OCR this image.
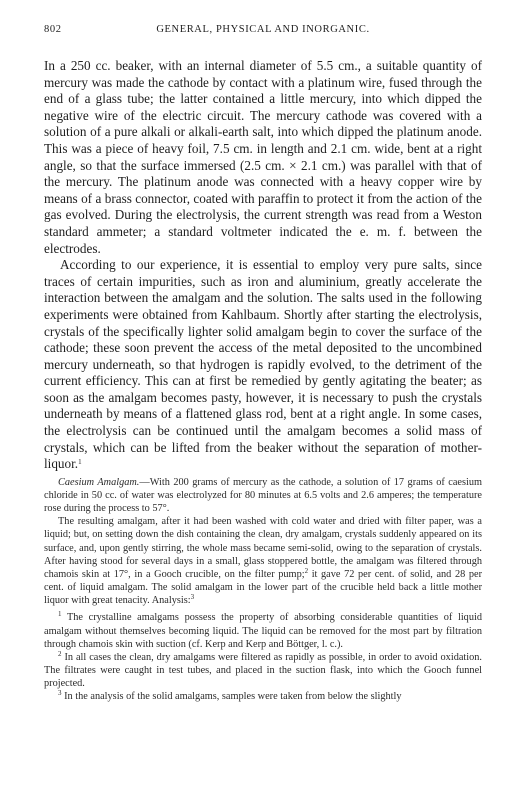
802	GENERAL, PHYSICAL AND INORGANIC.

In a 250 cc. beaker, with an internal diameter of 5.5 cm., a suitable quantity of mercury was made the cathode by contact with a platinum wire, fused through the end of a glass tube; the latter contained a little mercury, into which dipped the negative wire of the electric circuit. The mercury cathode was covered with a solution of a pure alkali or alkali-earth salt, into which dipped the platinum anode. This was a piece of heavy foil, 7.5 cm. in length and 2.1 cm. wide, bent at a right angle, so that the surface immersed (2.5 cm. × 2.1 cm.) was parallel with that of the mercury. The platinum anode was connected with a heavy copper wire by means of a brass connector, coated with paraffin to protect it from the action of the gas evolved. During the electrolysis, the current strength was read from a Weston standard ammeter; a standard voltmeter indicated the e. m. f. between the electrodes.

According to our experience, it is essential to employ very pure salts, since traces of certain impurities, such as iron and aluminium, greatly accelerate the interaction between the amalgam and the solution. The salts used in the following experiments were obtained from Kahlbaum. Shortly after starting the electrolysis, crystals of the specifically lighter solid amalgam begin to cover the surface of the cathode; these soon prevent the access of the metal deposited to the uncombined mercury underneath, so that hydrogen is rapidly evolved, to the detriment of the current efficiency. This can at first be remedied by gently agitating the beater; as soon as the amalgam becomes pasty, however, it is necessary to push the crystals underneath by means of a flattened glass rod, bent at a right angle. In some cases, the electrolysis can be continued until the amalgam becomes a solid mass of crystals, which can be lifted from the beaker without the separation of mother-liquor.$^1$

Caesium Amalgam.—With 200 grams of mercury as the cathode, a solution of 17 grams of caesium chloride in 50 cc. of water was electrolyzed for 80 minutes at 6.5 volts and 2.6 amperes; the temperature rose during the process to 57°.

The resulting amalgam, after it had been washed with cold water and dried with filter paper, was a liquid; but, on setting down the dish containing the clean, dry amalgam, crystals suddenly appeared on its surface, and, upon gently stirring, the whole mass became semi-solid, owing to the separation of crystals. After having stood for several days in a small, glass stoppered bottle, the amalgam was filtered through chamois skin at 17°, in a Gooch crucible, on the filter pump;$^2$ it gave 72 per cent. of solid, and 28 per cent. of liquid amalgam. The solid amalgam in the lower part of the crucible held back a little mother liquor with great tenacity. Analysis:$^3$

$^1$ The crystalline amalgams possess the property of absorbing considerable quantities of liquid amalgam without themselves becoming liquid. The liquid can be removed for the most part by filtration through chamois skin with suction (cf. Kerp and Kerp and Böttger, l. c.).

$^2$ In all cases the clean, dry amalgams were filtered as rapidly as possible, in order to avoid oxidation. The filtrates were caught in test tubes, and placed in the suction flask, into which the Gooch funnel projected.

$^3$ In the analysis of the solid amalgams, samples were taken from below the slightly
